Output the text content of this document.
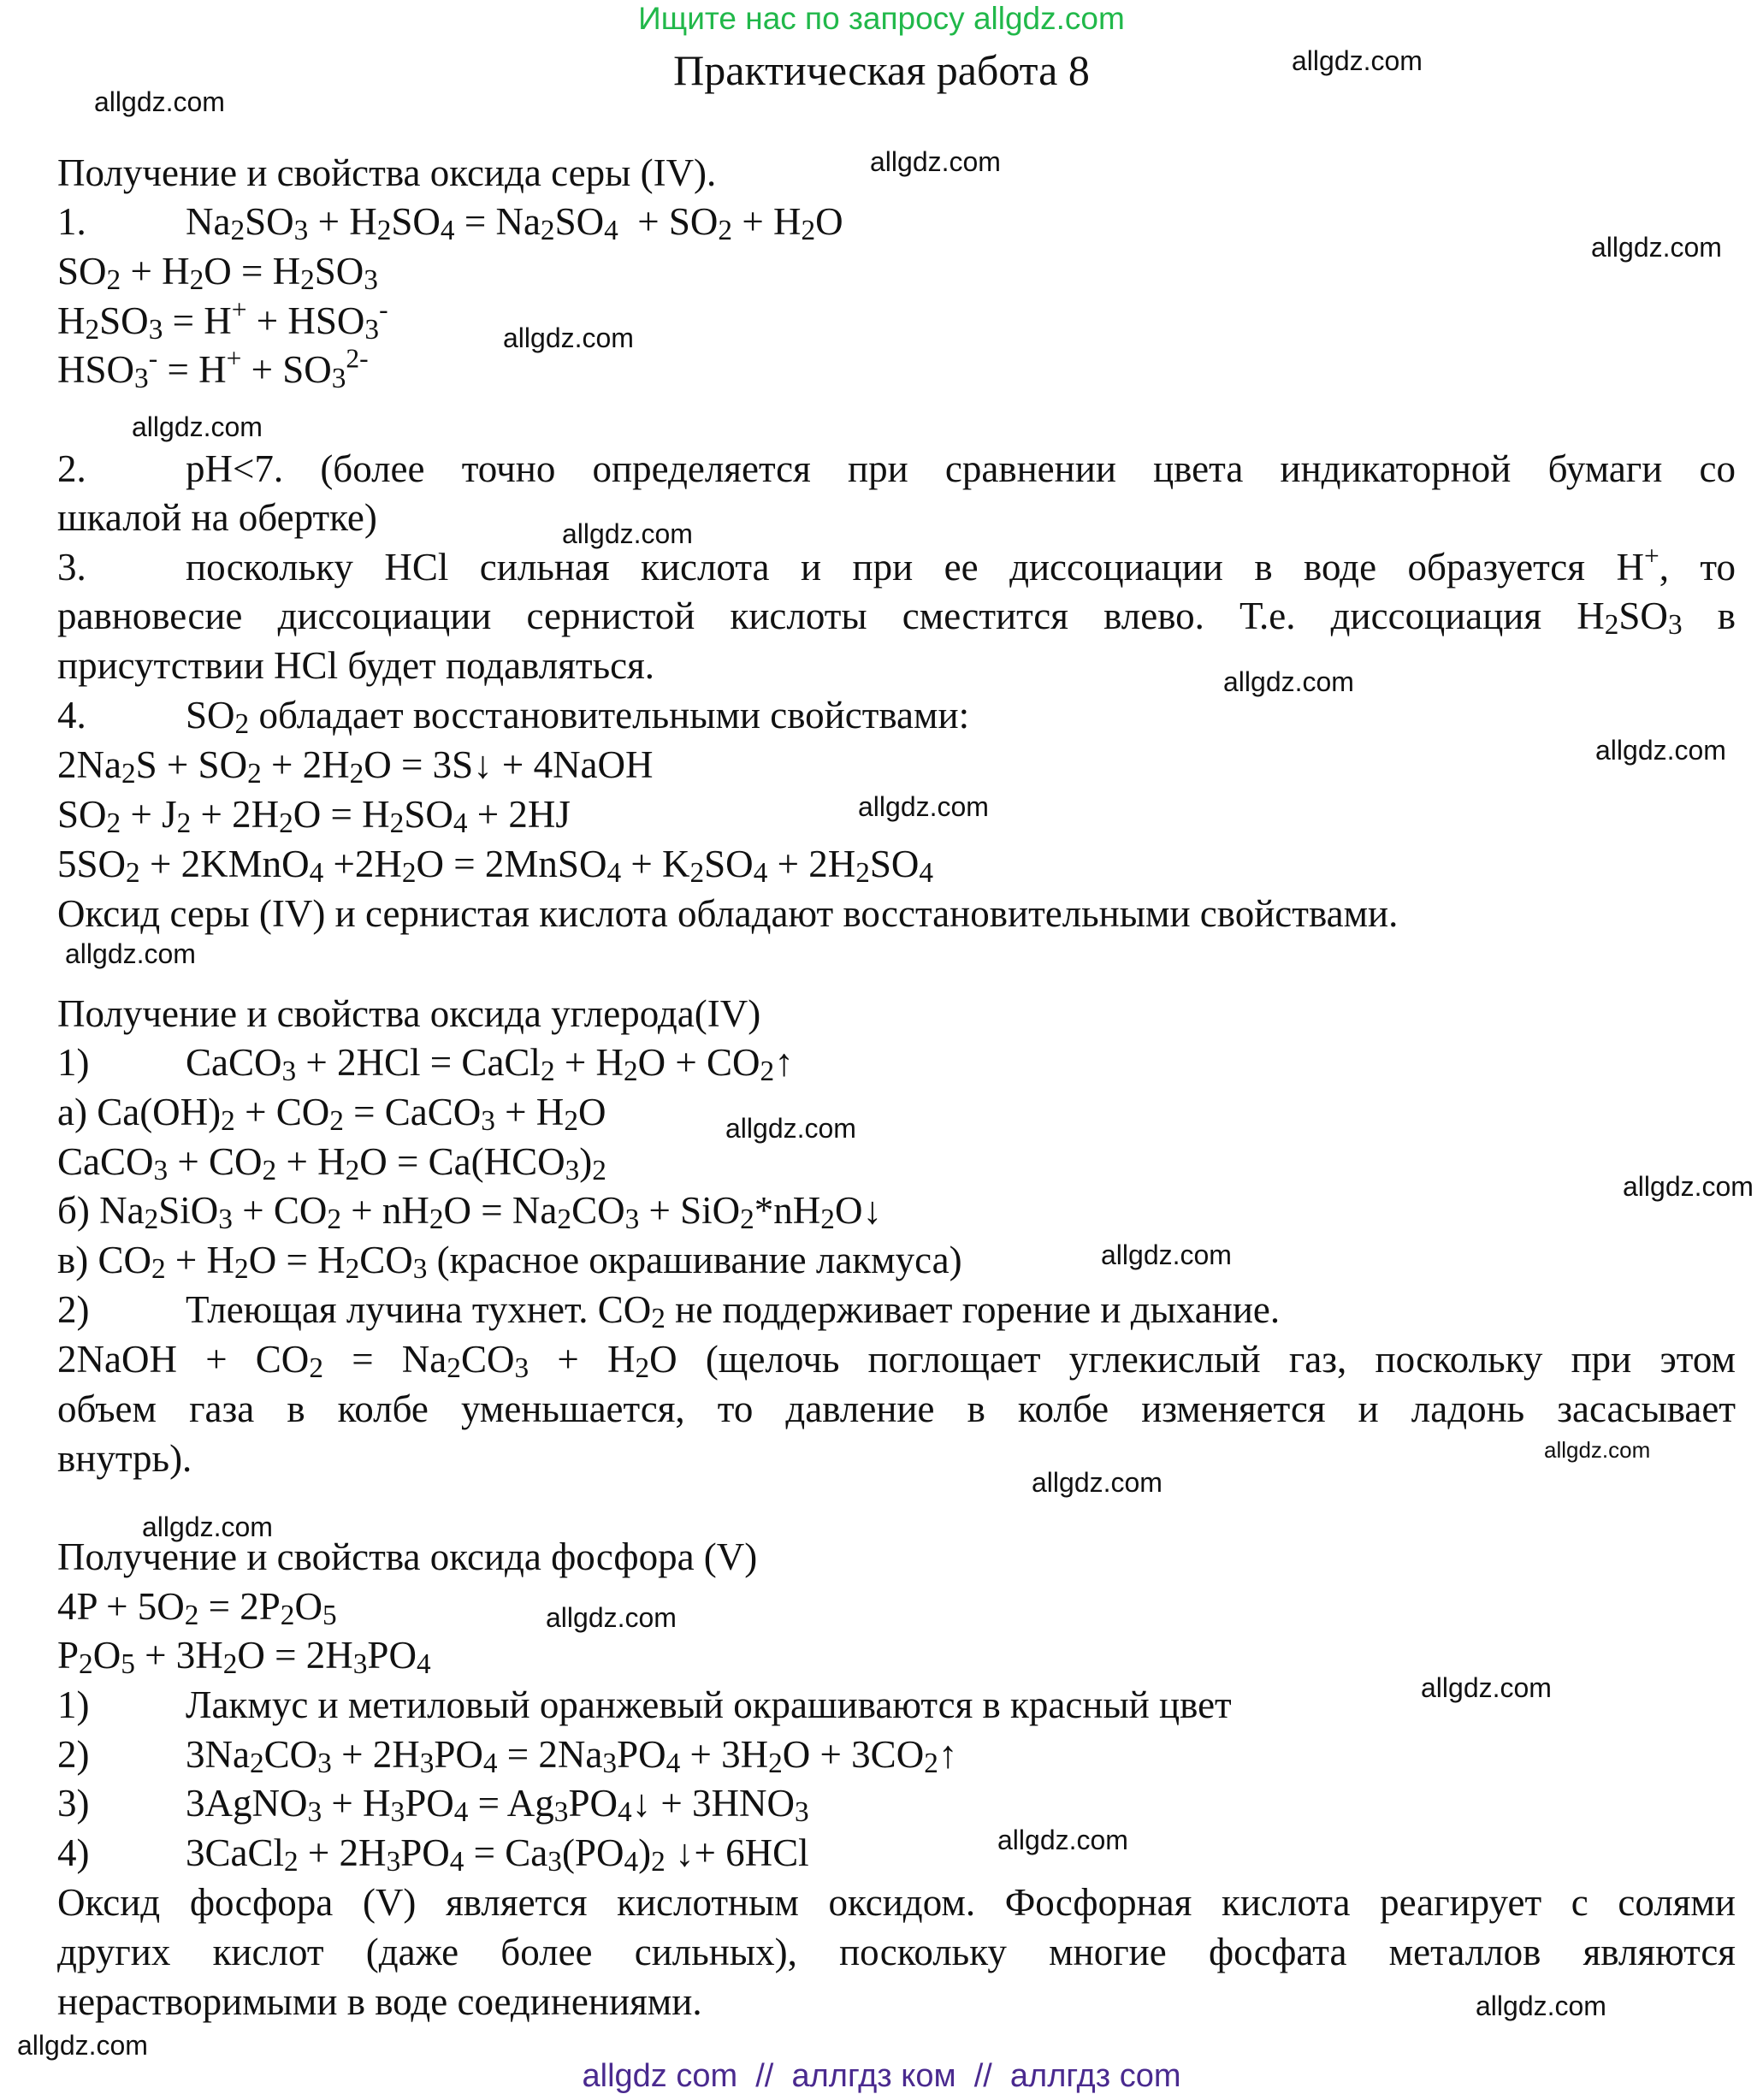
Ищите нас по запросу allgdz.com
Практическая работа 8
Получение и свойства оксида серы (IV).
1.	$Na_2SO_3 + H_2SO_4 = Na_2SO_4 + SO_2 + H_2O$
$SO_2 + H_2O = H_2SO_3$
$H_2SO_3 = H^+ + HSO_3^-$
$HSO_3^- = H^+ + SO_3^{2-}$
2.	pH<7. (более точно определяется при сравнении цвета индикаторной бумаги со
шкалой на обертке)
3.	поскольку HCl сильная кислота и при ее диссоциации в воде образуется H+, то
равновесие диссоциации сернистой кислоты сместится влево. Т.е. диссоциация $H_2SO_3$ в
присутствии HCl будет подавляться.
4.	$SO_2$ обладает восстановительными свойствами:
$2Na_2S + SO_2 + 2H_2O$ = 3S↓ + 4NaOH
$SO_2 + J_2 + 2H_2O = H_2SO_4 + 2HJ$
$5SO_2$ + 2KMnO$_4$ $+2H_2O$ = 2MnSO$_4$ + $K_2SO_4 + 2H_2SO_4$
Оксид серы (IV) и сернистая кислота обладают восстановительными свойствами.
Получение и свойства оксида углерода(IV)
1)	CaCO$_3$ + 2HCl = CaCl$_2$ + $H_2O$ + $CO_2↑$
а) $Ca(OH)_2 + CO_2$ = CaCO$_3$ + $H_2O$
CaCO$_3$ + $CO_2 + H_2O = Ca(HCO_3)_2$
б) $Na_2SiO_3 + CO_2 + nH_2O = Na_2CO_3$ + $SiO_2*nH_2O↓$
в) $CO_2 + H_2O = H_2CO_3$ (красное окрашивание лакмуса)
2)	Тлеющая лучина тухнет. $CO_2$ не поддерживает горение и дыхание.
2NaOH + $CO_2 = Na_2CO_3 + H_2O$ (щелочь поглощает углекислый газ, поскольку при этом
объем газа в колбе уменьшается, то давление в колбе изменяется и ладонь засасывает
внутрь).
Получение и свойства оксида фосфора (V)
$4P + 5O_2 = 2P_2O_5$
$P_2O_5 + 3H_2O = 2H_3PO_4$
1)	Лакмус и метиловый оранжевый окрашиваются в красный цвет
2)	$3Na_2CO_3 + 2H_3PO_4 = 2Na_3PO_4 + 3H_2O$ + $3CO_2↑$
3)	3AgNO$_3$ + $H_3PO_4$ = $Ag_3PO_4↓ + 3HNO_3$
4)	3CaCl$_2$ + $2H_3PO_4 = Ca_3(PO_4)_2$ ↓+ 6HCl
Оксид фосфора (V) является кислотным оксидом. Фосфорная кислота реагирует с солями
других кислот (даже более сильных), поскольку многие фосфата металлов являются
нерастворимыми в воде соединениями.
allgdz.com
allgdz.com
allgdz.com
allgdz.com
allgdz.com
allgdz.com
allgdz.com
allgdz.com
allgdz.com
allgdz.com
allgdz.com
allgdz.com
allgdz.com
allgdz.com
allgdz.com
allgdz.com
allgdz.com
allgdz.com
allgdz.com
allgdz.com
allgdz.com
allgdz.com
allgdz com  //  аллгдз ком  //  аллгдз com
